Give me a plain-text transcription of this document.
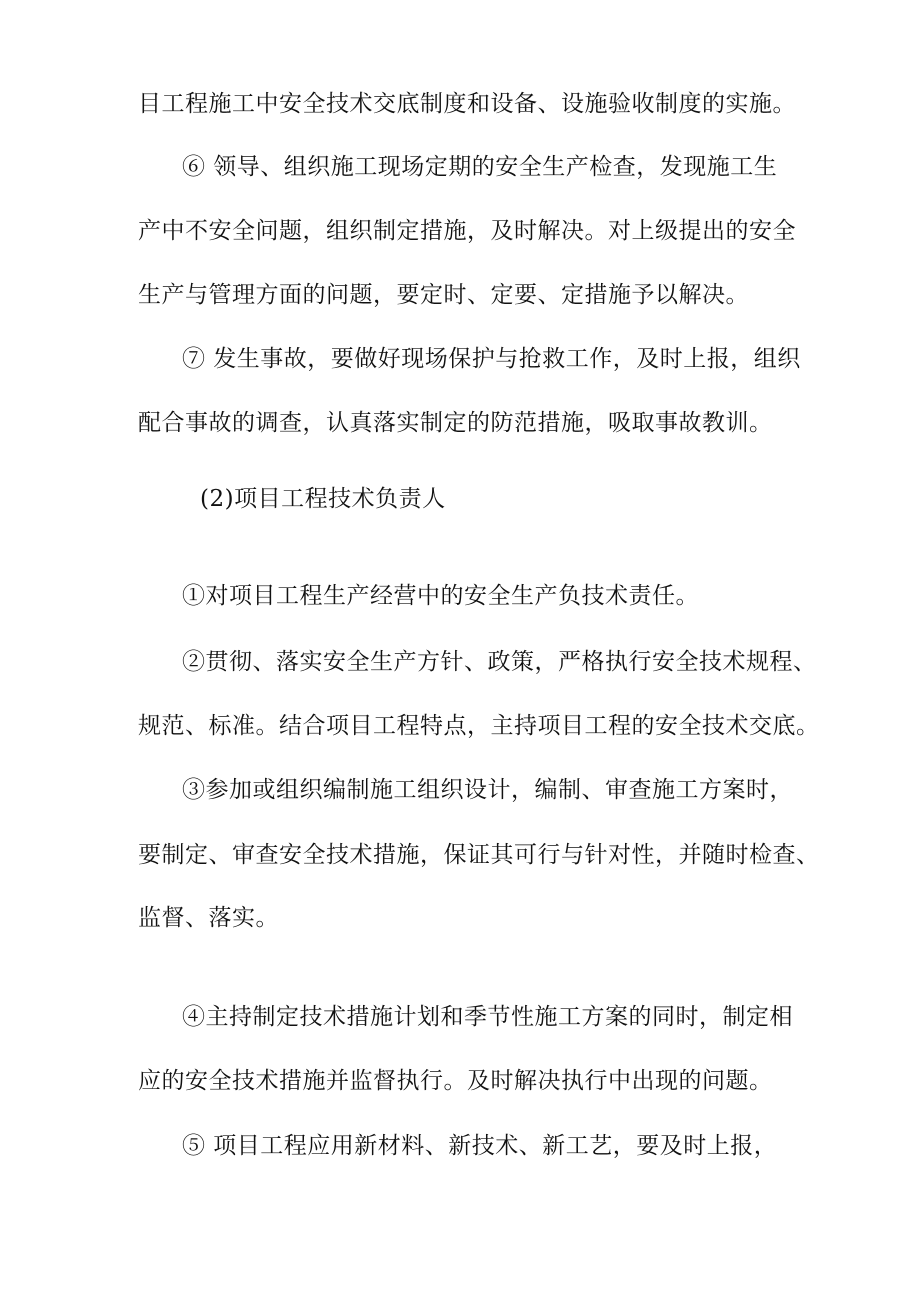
目工程施工中安全技术交底制度和设备、设施验收制度的实施。
⑥ 领导、组织施工现场定期的安全生产检查，发现施工生
产中不安全问题，组织制定措施，及时解决。对上级提出的安全
生产与管理方面的问题，要定时、定要、定措施予以解决。
⑦ 发生事故，要做好现场保护与抢救工作，及时上报，组织
配合事故的调查，认真落实制定的防范措施，吸取事故教训。
(2)项目工程技术负责人
①对项目工程生产经营中的安全生产负技术责任。
②贯彻、落实安全生产方针、政策，严格执行安全技术规程、
规范、标准。结合项目工程特点，主持项目工程的安全技术交底。
③参加或组织编制施工组织设计，编制、审查施工方案时，
要制定、审查安全技术措施，保证其可行与针对性，并随时检查、
监督、落实。
④主持制定技术措施计划和季节性施工方案的同时，制定相
应的安全技术措施并监督执行。及时解决执行中出现的问题。
⑤ 项目工程应用新材料、新技术、新工艺，要及时上报，
